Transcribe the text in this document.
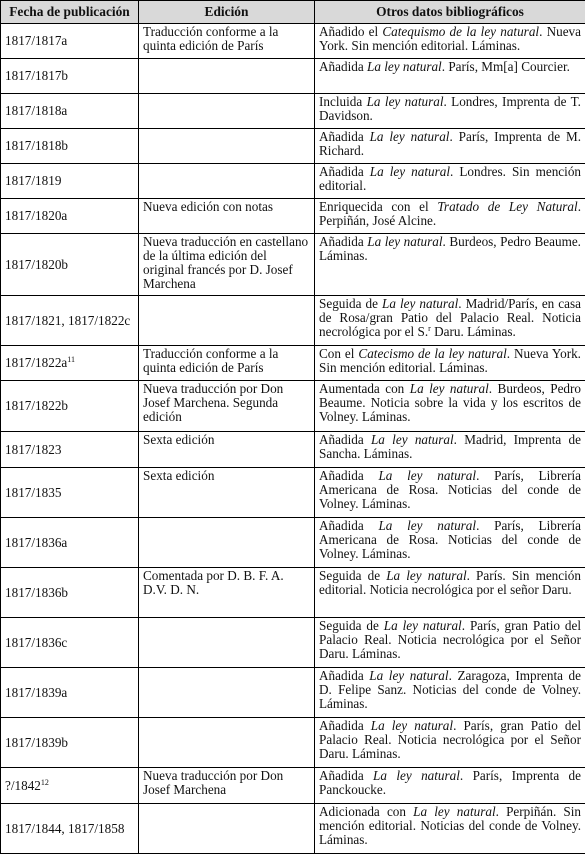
Fecha de publicación	Edición	Otros datos bibliográficos
1817/1817a	Traducción conforme a la quinta edición de París	Añadido el Catequismo de la ley natural. Nueva York. Sin mención editorial. Láminas.
1817/1817b		Añadida La ley natural. París, Mm[a] Courcier.
1817/1818a		Incluida La ley natural. Londres, Imprenta de T. Davidson.
1817/1818b		Añadida La ley natural. París, Imprenta de M. Richard.
1817/1819		Añadida La ley natural. Londres. Sin mención editorial.
1817/1820a	Nueva edición con notas	Enriquecida con el Tratado de Ley Natural. Perpiñán, José Alcine.
1817/1820b	Nueva traducción en castellano de la última edición del original francés por D. Josef Marchena	Añadida La ley natural. Burdeos, Pedro Beaume. Láminas.
1817/1821, 1817/1822c		Seguida de La ley natural. Madrid/París, en casa de Rosa/gran Patio del Palacio Real. Noticia necrológica por el S.$^r$ Daru. Láminas.
$1817/1822a^{11}$	Traducción conforme a la quinta edición de París	Con el Catecismo de la ley natural. Nueva York. Sin mención editorial. Láminas.
1817/1822b	Nueva traducción por Don Josef Marchena. Segunda edición	Aumentada con La ley natural. Burdeos, Pedro Beaume. Noticia sobre la vida y los escritos de Volney. Láminas.
1817/1823	Sexta edición	Añadida La ley natural. Madrid, Imprenta de Sancha. Láminas.
1817/1835	Sexta edición	Añadida La ley natural. París, Librería Americana de Rosa. Noticias del conde de Volney. Láminas.
1817/1836a		Añadida La ley natural. París, Librería Americana de Rosa. Noticias del conde de Volney. Láminas.
1817/1836b	Comentada por D. B. F. A. D.V. D. N.	Seguida de La ley natural. París. Sin mención editorial. Noticia necrológica por el señor Daru.
1817/1836c		Seguida de La ley natural. París, gran Patio del Palacio Real. Noticia necrológica por el Señor Daru. Láminas.
1817/1839a		Añadida La ley natural. Zaragoza, Imprenta de D. Felipe Sanz. Noticias del conde de Volney. Láminas.
1817/1839b		Añadida La ley natural. París, gran Patio del Palacio Real. Noticia necrológica por el Señor Daru. Láminas.
?/1842$^{12}$	Nueva traducción por Don Josef Marchena	Añadida La ley natural. París, Imprenta de Panckoucke.
1817/1844, 1817/1858		Adicionada con La ley natural. Perpiñán. Sin mención editorial. Noticias del conde de Volney. Láminas.
